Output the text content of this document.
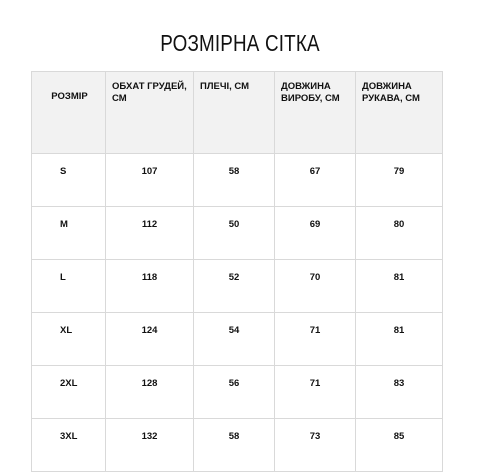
РОЗМІРНА СІТКА
РОЗМІР	ОБХАТ ГРУДЕЙ, СМ	ПЛЕЧІ, СМ	ДОВЖИНА ВИРОБУ, СМ	ДОВЖИНА РУКАВА, СМ
S	107	58	67	79
M	112	50	69	80
L	118	52	70	81
XL	124	54	71	81
2XL	128	56	71	83
3XL	132	58	73	85
